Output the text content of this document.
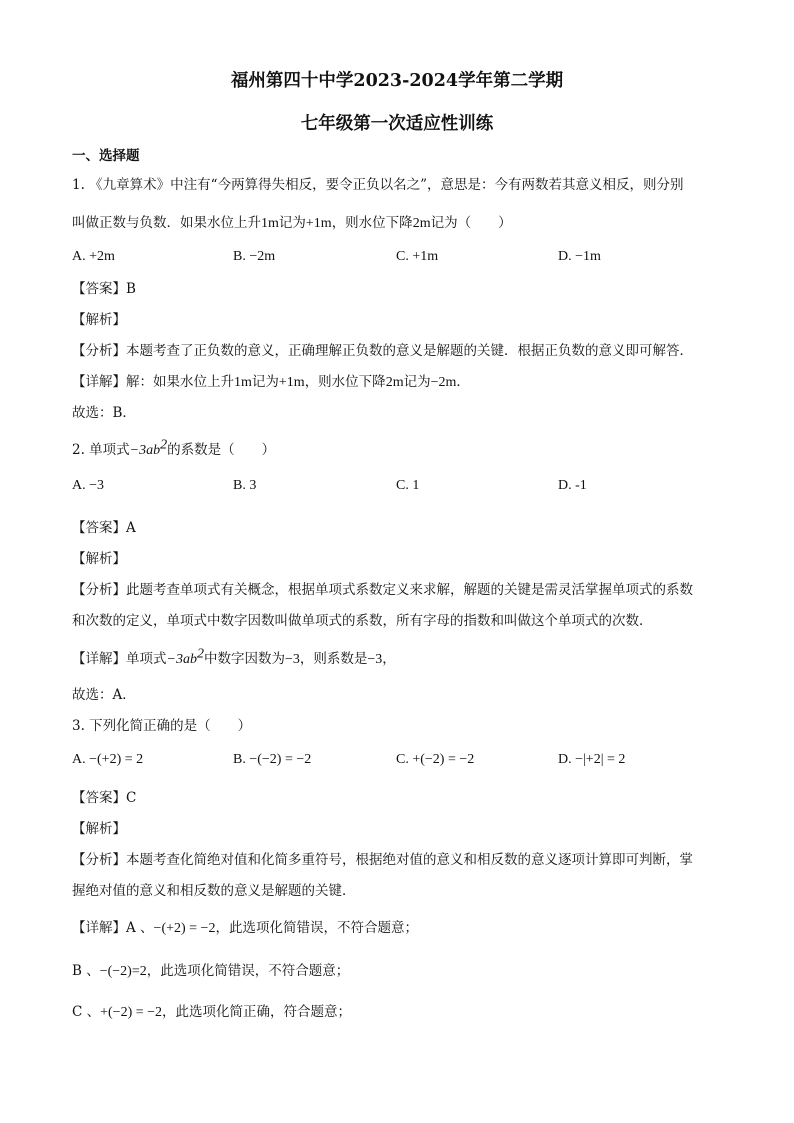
福州第四十中学2023-2024学年第二学期
七年级第一次适应性训练
一、选择题
1. 《九章算术》中注有“今两算得失相反，要令正负以名之”，意思是：今有两数若其意义相反，则分别
叫做正数与负数．如果水位上升1m记为+1m，则水位下降2m记为（　　）
A. +2m	B. −2m	C. +1m	D. −1m
【答案】B
【解析】
【分析】本题考查了正负数的意义，正确理解正负数的意义是解题的关键．根据正负数的意义即可解答．
【详解】解：如果水位上升1m记为+1m，则水位下降2m记为−2m．
故选：B．
2. 单项式$-3ab^2$的系数是（　　）
A. −3	B. 3	C. 1	D. -1
【答案】A
【解析】
【分析】此题考查单项式有关概念，根据单项式系数定义来求解，解题的关键是需灵活掌握单项式的系数
和次数的定义，单项式中数字因数叫做单项式的系数，所有字母的指数和叫做这个单项式的次数．
【详解】单项式$-3ab^2$中数字因数为−3，则系数是−3，
故选：A．
3. 下列化简正确的是（　　）
A. −(+2) = 2	B. −(−2) = −2	C. +(−2) = −2	D. −|+2| = 2
【答案】C
【解析】
【分析】本题考查化简绝对值和化简多重符号，根据绝对值的意义和相反数的意义逐项计算即可判断，掌
握绝对值的意义和相反数的意义是解题的关键．
【详解】A 、−(+2) = −2，此选项化简错误，不符合题意；
B 、−(−2)=2，此选项化简错误，不符合题意；
C 、+(−2) = −2，此选项化简正确，符合题意；
